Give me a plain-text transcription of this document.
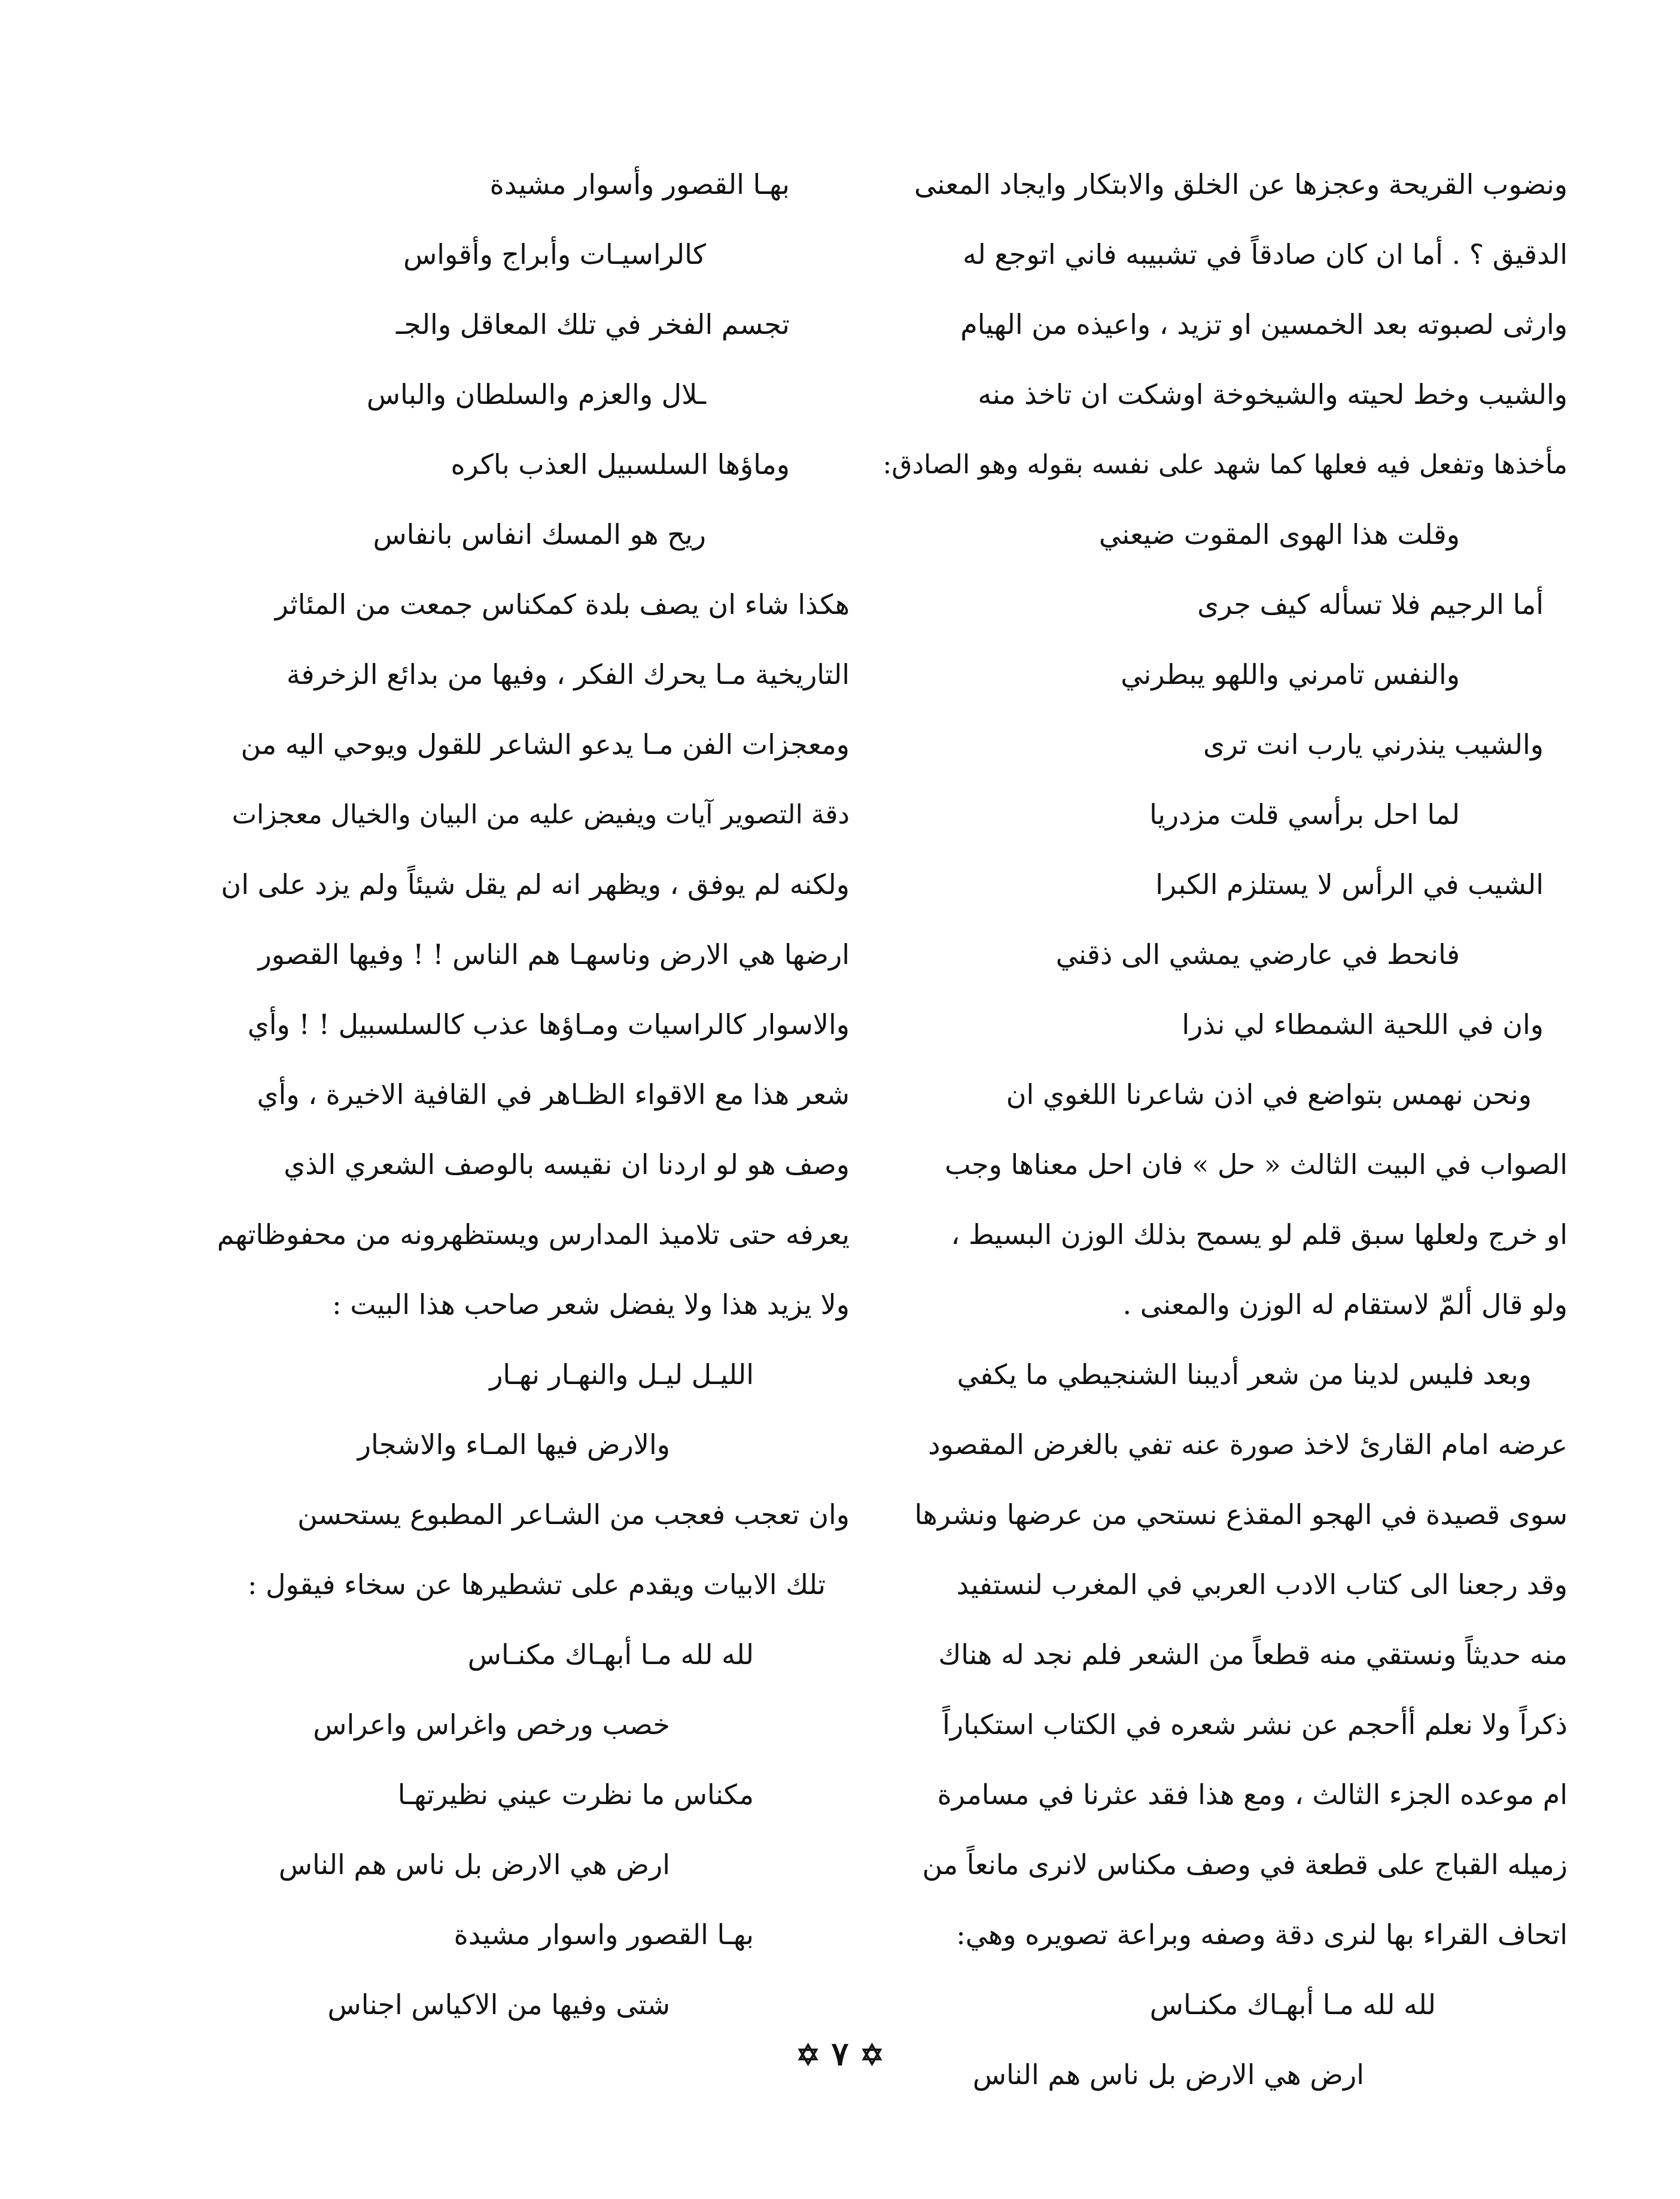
ونضوب القريحة وعجزها عن الخلق والابتكار وايجاد المعنى
الدقيق ؟ . أما ان كان صادقاً في تشبيبه فاني اتوجع له
وارثى لصبوته بعد الخمسين او تزيد ، واعيذه من الهيام
والشيب وخط لحيته والشيخوخة اوشكت ان تاخذ منه
مأخذها وتفعل فيه فعلها كما شهد على نفسه بقوله وهو الصادق:
وقلت هذا الهوى المقوت ضيعني
أما الرجيم فلا تسأله كيف جرى
والنفس تامرني واللهو يبطرني
والشيب ينذرني يارب انت ترى
لما احل برأسي قلت مزدريا
الشيب في الرأس لا يستلزم الكبرا
فانحط في عارضي يمشي الى ذقني
وان في اللحية الشمطاء لي نذرا
ونحن نهمس بتواضع في اذن شاعرنا اللغوي ان
الصواب في البيت الثالث « حل » فان احل معناها وجب
او خرج ولعلها سبق قلم لو يسمح بذلك الوزن البسيط ،
ولو قال ألمّ لاستقام له الوزن والمعنى .
وبعد فليس لدينا من شعر أديبنا الشنجيطي ما يكفي
عرضه امام القارئ لاخذ صورة عنه تفي بالغرض المقصود
سوى قصيدة في الهجو المقذع نستحي من عرضها ونشرها
وقد رجعنا الى كتاب الادب العربي في المغرب لنستفيد
منه حديثاً ونستقي منه قطعاً من الشعر فلم نجد له هناك
ذكراً ولا نعلم أأحجم عن نشر شعره في الكتاب استكباراً
ام موعده الجزء الثالث ، ومع هذا فقد عثرنا في مسامرة
زميله القباج على قطعة في وصف مكناس لانرى مانعاً من
اتحاف القراء بها لنرى دقة وصفه وبراعة تصويره وهي:
لله لله مـا أبهـاك مكنـاس
ارض هي الارض بل ناس هم الناس
بهـا القصور وأسوار مشيدة
كالراسيـات وأبراج وأقواس
تجسم الفخر في تلك المعاقل والجـ
ـلال والعزم والسلطان والباس
وماؤها السلسبيل العذب باكره
ريح هو المسك انفاس بانفاس
هكذا شاء ان يصف بلدة كمكناس جمعت من المئاثر
التاريخية مـا يحرك الفكر ، وفيها من بدائع الزخرفة
ومعجزات الفن مـا يدعو الشاعر للقول ويوحي اليه من
دقة التصوير آيات ويفيض عليه من البيان والخيال معجزات
ولكنه لم يوفق ، ويظهر انه لم يقل شيئاً ولم يزد على ان
ارضها هي الارض وناسهـا هم الناس ! ! وفيها القصور
والاسوار كالراسيات ومـاؤها عذب كالسلسبيل ! ! وأي
شعر هذا مع الاقواء الظـاهر في القافية الاخيرة ، وأي
وصف هو لو اردنا ان نقيسه بالوصف الشعري الذي
يعرفه حتى تلاميذ المدارس ويستظهرونه من محفوظاتهم
ولا يزيد هذا ولا يفضل شعر صاحب هذا البيت :
الليـل ليـل والنهـار نهـار
والارض فيها المـاء والاشجار
وان تعجب فعجب من الشـاعر المطبوع يستحسن
تلك الابيات ويقدم على تشطيرها عن سخاء فيقول :
لله لله مـا أبهـاك مكنـاس
خصب ورخص واغراس واعراس
مكناس ما نظرت عيني نظيرتهـا
ارض هي الارض بل ناس هم الناس
بهـا القصور واسوار مشيدة
شتى وفيها من الاكياس اجناس
✡ ٧ ✡
